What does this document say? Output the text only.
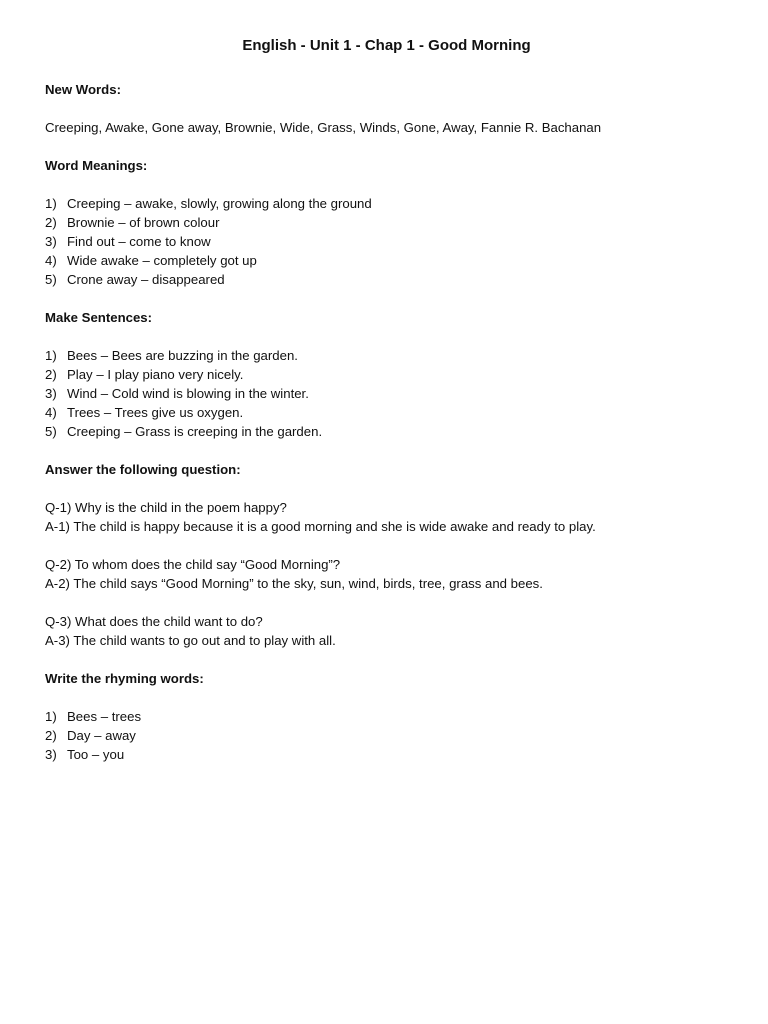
English - Unit 1 - Chap 1 - Good Morning

New Words:

Creeping, Awake, Gone away, Brownie, Wide, Grass, Winds, Gone, Away, Fannie R. Bachanan

Word Meanings:

1) Creeping – awake, slowly, growing along the ground
2) Brownie – of brown colour
3) Find out – come to know
4) Wide awake – completely got up
5) Crone away – disappeared

Make Sentences:

1) Bees – Bees are buzzing in the garden.
2) Play – I play piano very nicely.
3) Wind – Cold wind is blowing in the winter.
4) Trees – Trees give us oxygen.
5) Creeping – Grass is creeping in the garden.

Answer the following question:

Q-1) Why is the child in the poem happy?

A-1) The child is happy because it is a good morning and she is wide awake and ready to play.

Q-2) To whom does the child say “Good Morning”?

A-2) The child says “Good Morning” to the sky, sun, wind, birds, tree, grass and bees.

Q-3) What does the child want to do?

A-3) The child wants to go out and to play with all.

Write the rhyming words:

1) Bees – trees
2) Day – away
3) Too – you
